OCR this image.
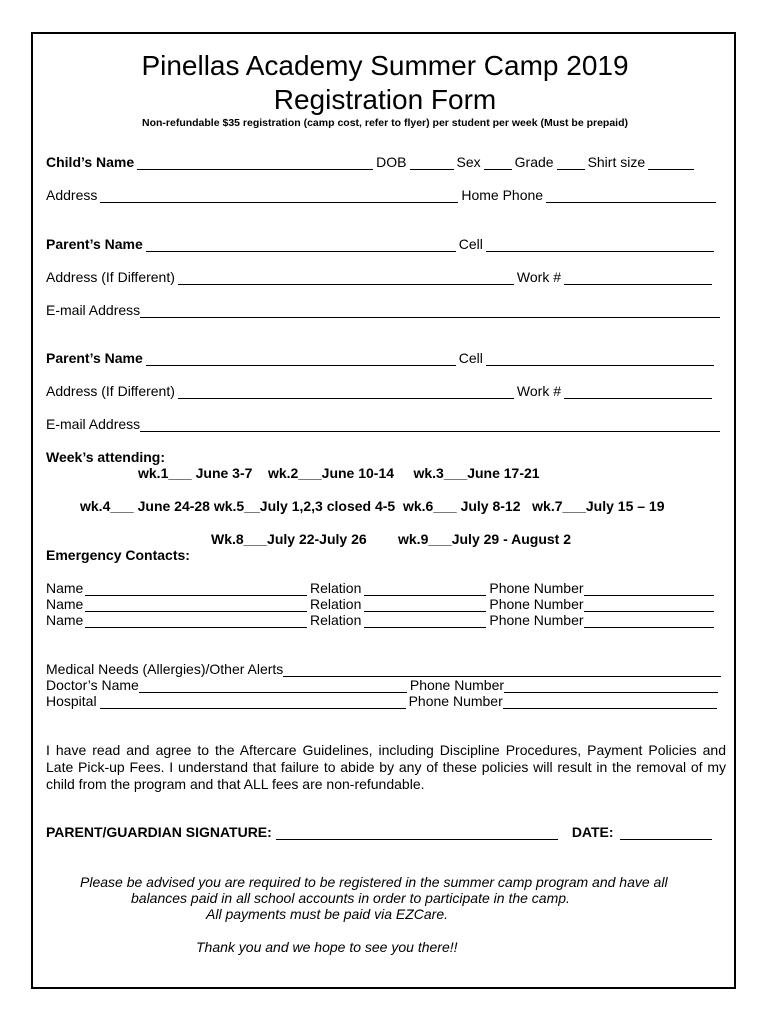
Pinellas Academy Summer Camp 2019
Registration Form
Non-refundable $35 registration (camp cost, refer to flyer) per student per week (Must be prepaid)
Child’s Name	DOB	Sex Grade Shirt size
Address	Home Phone
Parent’s Name	Cell
Address (If Different)	Work #
E-mail Address
Parent’s Name	Cell
Address (If Different)	Work #
E-mail Address
Week’s attending:
wk.1___ June 3-7    wk.2___June 10-14     wk.3___June 17-21
wk.4___ June 24-28 wk.5__July 1,2,3 closed 4-5  wk.6___ July 8-12   wk.7___July 15 – 19
Wk.8___July 22-July 26 wk.9___July 29 - August 2
Emergency Contacts:
Name	Relation	Phone Number
Name	Relation	Phone Number
Name	Relation	Phone Number
Medical Needs (Allergies)/Other Alerts
Doctor’s Name	Phone Number
Hospital	Phone Number
I have read and agree to the Aftercare Guidelines, including Discipline Procedures, Payment Policies and Late Pick-up Fees. I understand that failure to abide by any of these policies will result in the removal of my child from the program and that ALL fees are non-refundable.
PARENT/GUARDIAN SIGNATURE:	DATE:
Please be advised you are required to be registered in the summer camp program and have all
balances paid in all school accounts in order to participate in the camp.
All payments must be paid via EZCare.
Thank you and we hope to see you there!!
